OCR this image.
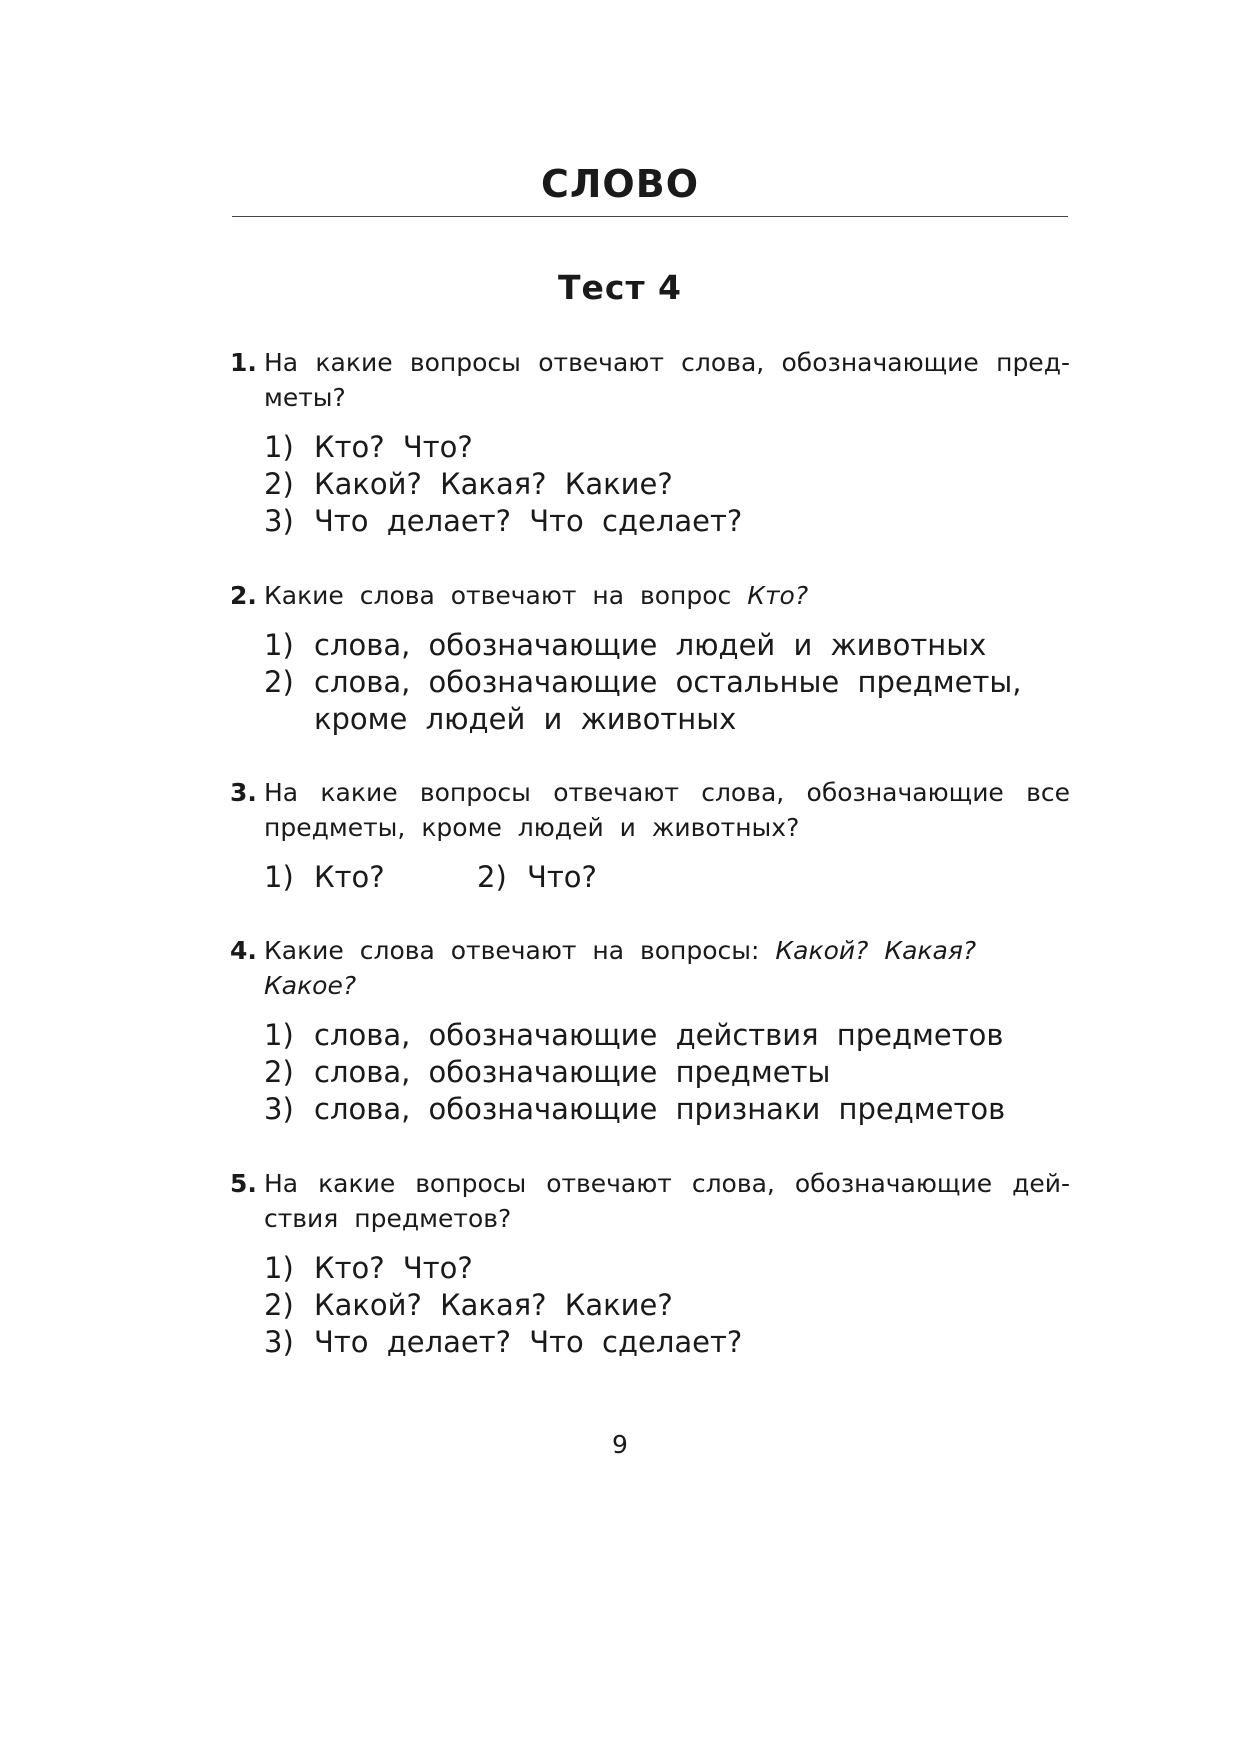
СЛОВО
Тест 4
1. На какие вопросы отвечают слова, обозначающие пред-
меты?
1) Кто? Что?
2) Какой? Какая? Какие?
3) Что делает? Что сделает?
2. Какие слова отвечают на вопрос Кто?
1) слова, обозначающие людей и животных
2) слова, обозначающие остальные предметы,
кроме людей и животных
3. На какие вопросы отвечают слова, обозначающие все
предметы, кроме людей и животных?
1) Кто?	2) Что?
4. Какие слова отвечают на вопросы: Какой? Какая?
Какое?
1) слова, обозначающие действия предметов
2) слова, обозначающие предметы
3) слова, обозначающие признаки предметов
5. На какие вопросы отвечают слова, обозначающие дей-
ствия предметов?
1) Кто? Что?
2) Какой? Какая? Какие?
3) Что делает? Что сделает?
9
